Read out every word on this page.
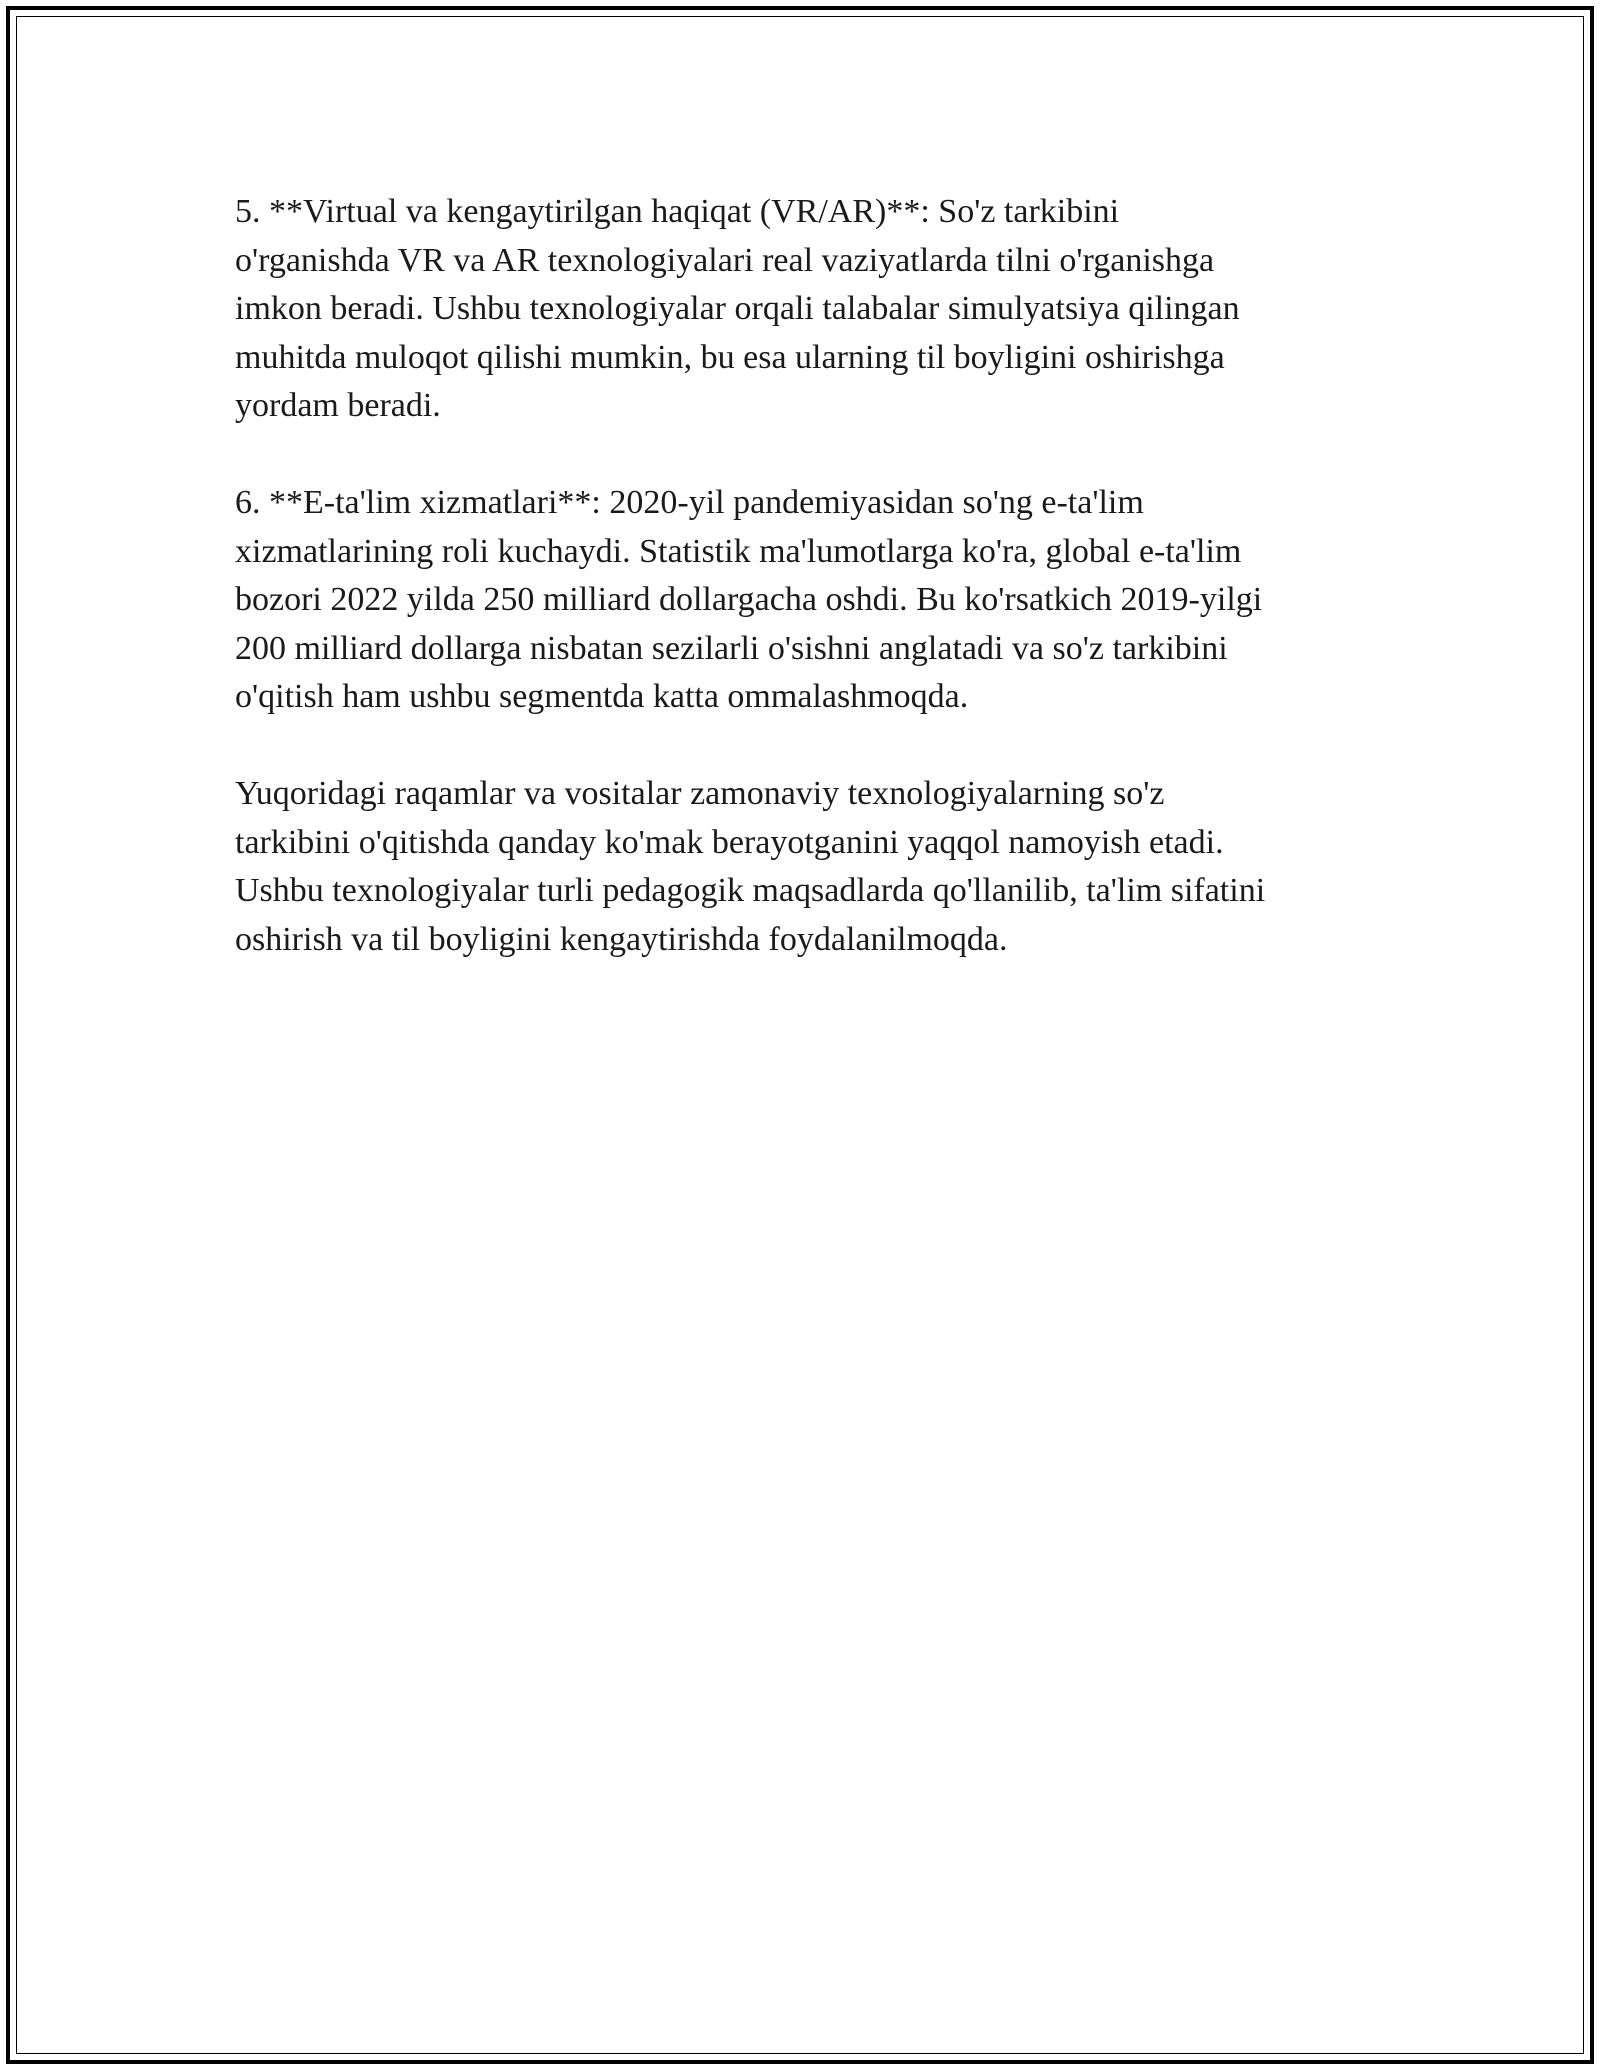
5. **Virtual va kengaytirilgan haqiqat (VR/AR)**: So'z tarkibini
o'rganishda VR va AR texnologiyalari real vaziyatlarda tilni o'rganishga
imkon beradi. Ushbu texnologiyalar orqali talabalar simulyatsiya qilingan
muhitda muloqot qilishi mumkin, bu esa ularning til boyligini oshirishga
yordam beradi.

6. **E-ta'lim xizmatlari**: 2020-yil pandemiyasidan so'ng e-ta'lim
xizmatlarining roli kuchaydi. Statistik ma'lumotlarga ko'ra, global e-ta'lim
bozori 2022 yilda 250 milliard dollargacha oshdi. Bu ko'rsatkich 2019-yilgi
200 milliard dollarga nisbatan sezilarli o'sishni anglatadi va so'z tarkibini
o'qitish ham ushbu segmentda katta ommalashmoqda.

Yuqoridagi raqamlar va vositalar zamonaviy texnologiyalarning so'z
tarkibini o'qitishda qanday ko'mak berayotganini yaqqol namoyish etadi.
Ushbu texnologiyalar turli pedagogik maqsadlarda qo'llanilib, ta'lim sifatini
oshirish va til boyligini kengaytirishda foydalanilmoqda.
